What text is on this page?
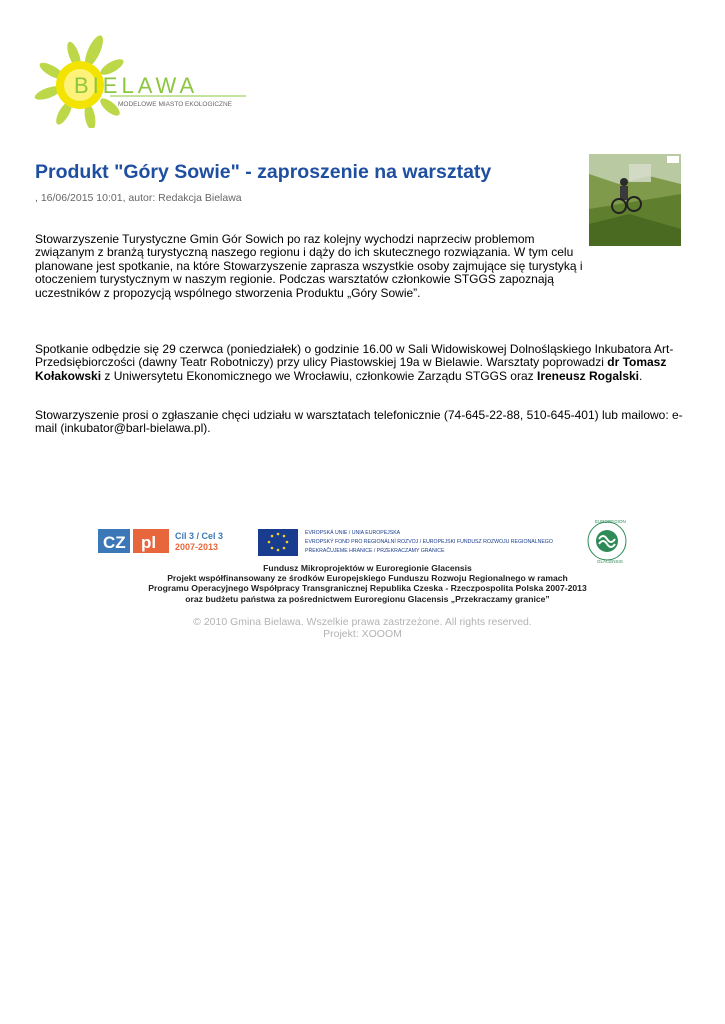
BIELAWA
MODELOWE MIASTO EKOLOGICZNE
Produkt "Góry Sowie" - zaproszenie na warsztaty
, 16/06/2015 10:01, autor: Redakcja Bielawa

Stowarzyszenie Turystyczne Gmin Gór Sowich po raz kolejny wychodzi naprzeciw problemom związanym z branżą turystyczną naszego regionu i dąży do ich skutecznego rozwiązania. W tym celu planowane jest spotkanie, na które Stowarzyszenie zaprasza wszystkie osoby zajmujące się turystyką i otoczeniem turystycznym w naszym regionie. Podczas warsztatów członkowie STGGS zapoznają uczestników z propozycją wspólnego stworzenia Produktu „Góry Sowie”.

Spotkanie odbędzie się 29 czerwca (poniedziałek) o godzinie 16.00 w Sali Widowiskowej Dolnośląskiego Inkubatora Art-Przedsiębiorczości (dawny Teatr Robotniczy) przy ulicy Piastowskiej 19a w Bielawie. Warsztaty poprowadzi dr Tomasz Kołakowski z Uniwersytetu Ekonomicznego we Wrocławiu, członkowie Zarządu STGGS oraz Ireneusz Rogalski.

Stowarzyszenie prosi o zgłaszanie chęci udziału w warsztatach telefonicznie (74-645-22-88, 510-645-401) lub mailowo: e-mail (inkubator@barl-bielawa.pl).

CZ pl Cíl 3 / Cel 3
2007-2013
EVROPSKÁ UNIE / UNIA EUROPEJSKA
EVROPSKÝ FOND PRO REGIONÁLNÍ ROZVOJ / EUROPEJSKI FUNDUSZ ROZWOJU REGIONALNEGO
PŘEKRAČUJEME HRANICE / PRZEKRACZAMY GRANICE
EUROREGION
GLACENSIS
Fundusz Mikroprojektów w Euroregionie Glacensis
Projekt współfinansowany ze środków Europejskiego Funduszu Rozwoju Regionalnego w ramach
Programu Operacyjnego Współpracy Transgranicznej Republika Czeska - Rzeczpospolita Polska 2007-2013
oraz budżetu państwa za pośrednictwem Euroregionu Glacensis „Przekraczamy granice”
© 2010 Gmina Bielawa. Wszelkie prawa zastrzeżone. All rights reserved.
Projekt: XOOOM
